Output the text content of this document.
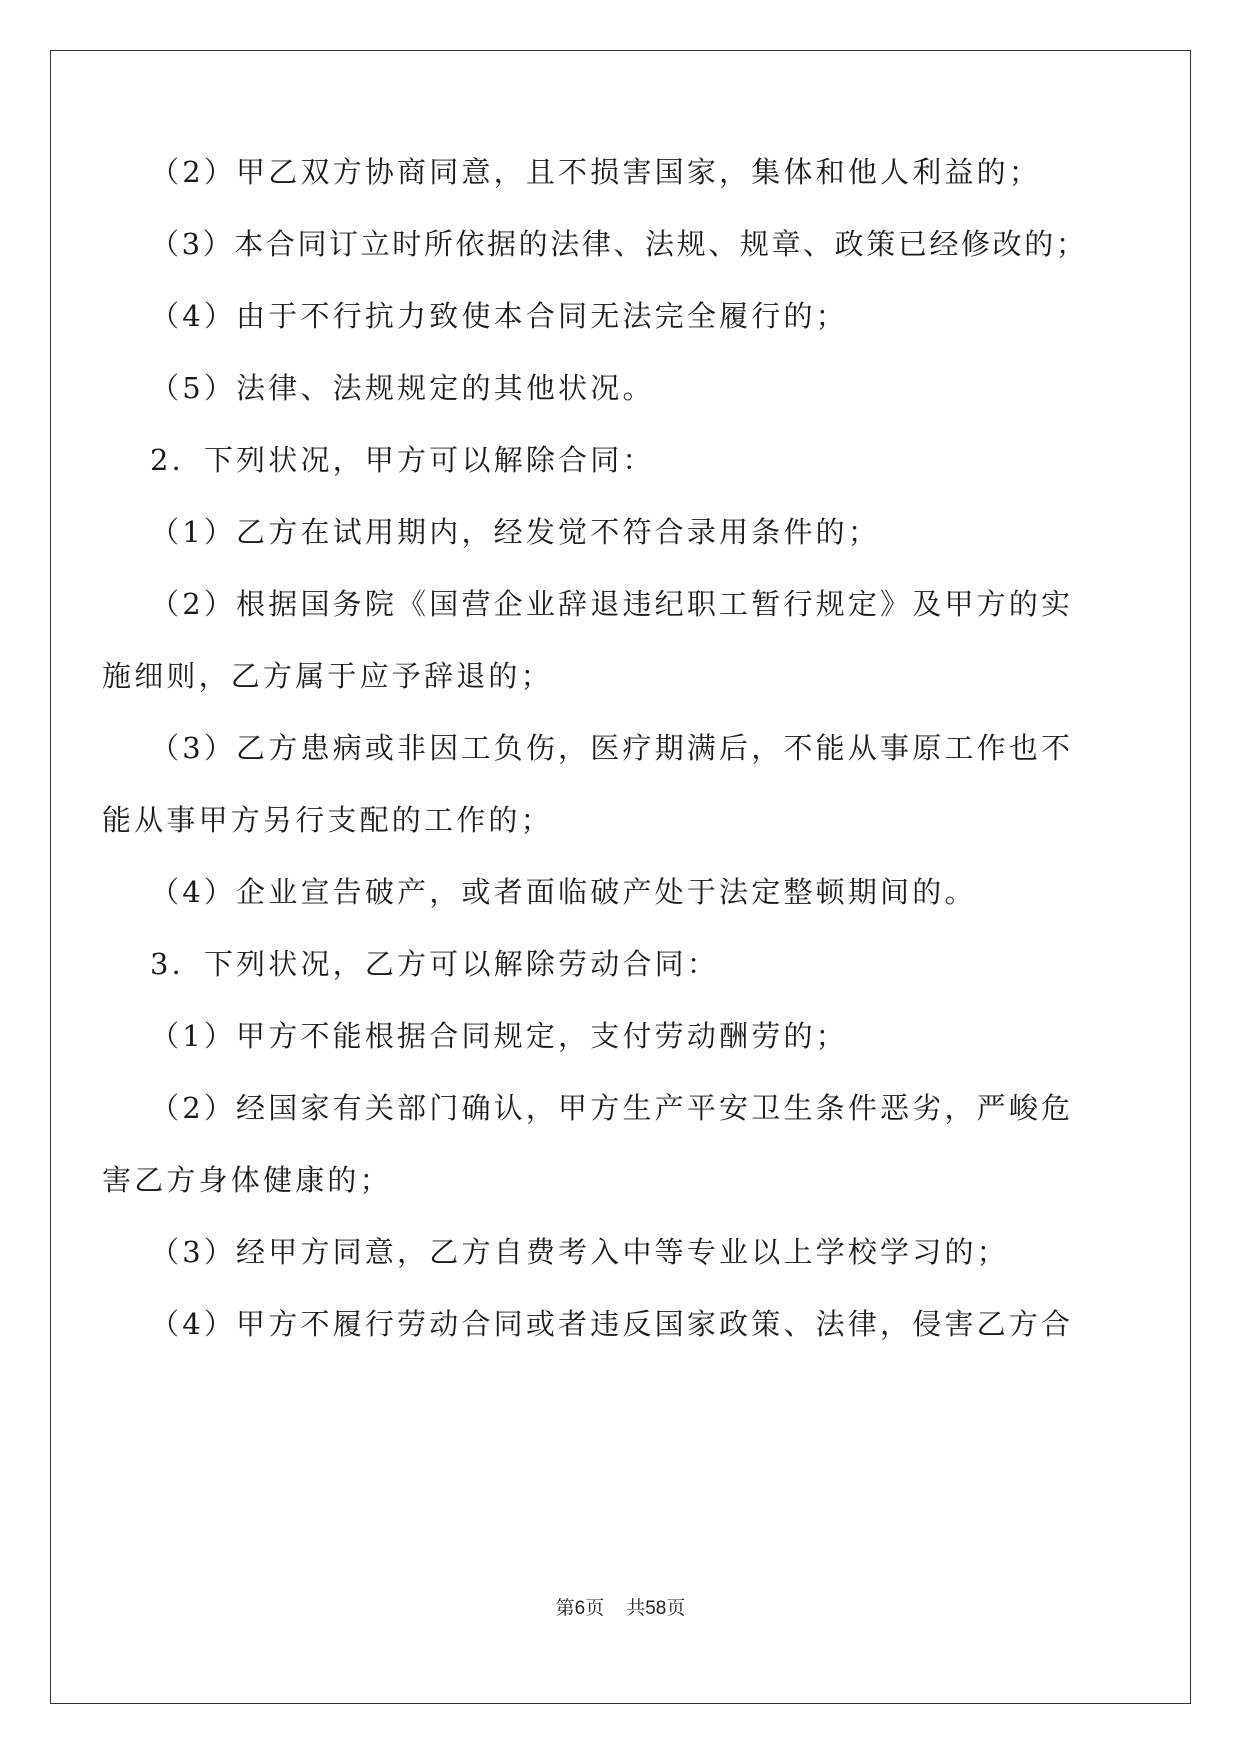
（2）甲乙双方协商同意，且不损害国家，集体和他人利益的；
（3）本合同订立时所依据的法律、法规、规章、政策已经修改的；
（4）由于不行抗力致使本合同无法完全履行的；
（5）法律、法规规定的其他状况。
2．下列状况，甲方可以解除合同：
（1）乙方在试用期内，经发觉不符合录用条件的；
（2）根据国务院《国营企业辞退违纪职工暂行规定》及甲方的实
施细则，乙方属于应予辞退的；
（3）乙方患病或非因工负伤，医疗期满后，不能从事原工作也不
能从事甲方另行支配的工作的；
（4）企业宣告破产，或者面临破产处于法定整顿期间的。
3．下列状况，乙方可以解除劳动合同：
（1）甲方不能根据合同规定，支付劳动酬劳的；
（2）经国家有关部门确认，甲方生产平安卫生条件恶劣，严峻危
害乙方身体健康的；
（3）经甲方同意，乙方自费考入中等专业以上学校学习的；
（4）甲方不履行劳动合同或者违反国家政策、法律，侵害乙方合
第6页 共58页
